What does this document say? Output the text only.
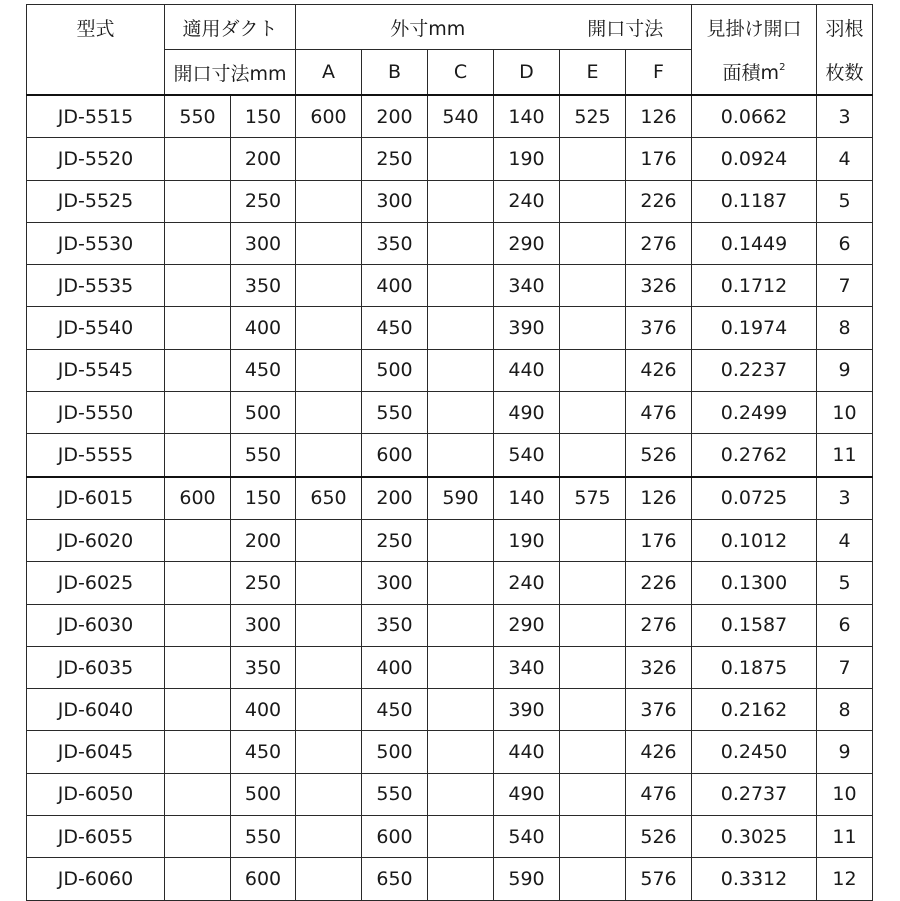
型式	適用ダクト		外寸mm				開口寸法		見掛け開口	羽根
	開口寸法mm		A	B	C	D	E	F	面積$m^2$	枚数
JD-5515	550	150	600	200	540	140	525	126	0.0662	3
JD-5520		200		250		190		176	0.0924	4
JD-5525		250		300		240		226	0.1187	5
JD-5530		300		350		290		276	0.1449	6
JD-5535		350		400		340		326	0.1712	7
JD-5540		400		450		390		376	0.1974	8
JD-5545		450		500		440		426	0.2237	9
JD-5550		500		550		490		476	0.2499	10
JD-5555		550		600		540		526	0.2762	11
JD-6015	600	150	650	200	590	140	575	126	0.0725	3
JD-6020		200		250		190		176	0.1012	4
JD-6025		250		300		240		226	0.1300	5
JD-6030		300		350		290		276	0.1587	6
JD-6035		350		400		340		326	0.1875	7
JD-6040		400		450		390		376	0.2162	8
JD-6045		450		500		440		426	0.2450	9
JD-6050		500		550		490		476	0.2737	10
JD-6055		550		600		540		526	0.3025	11
JD-6060		600		650		590		576	0.3312	12
